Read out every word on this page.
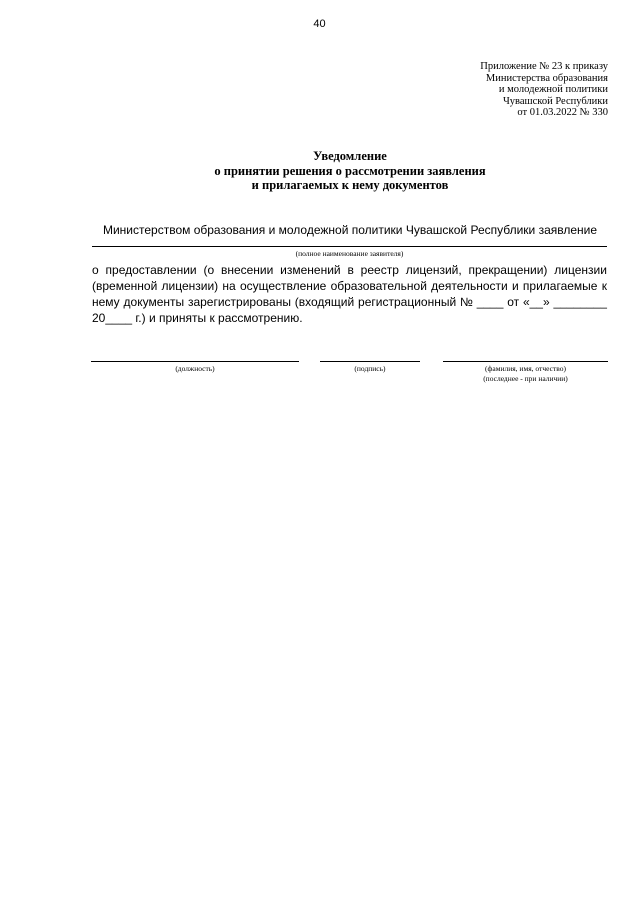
40
Приложение № 23 к приказу
Министерства образования
и молодежной политики
Чувашской Республики
от 01.03.2022 № 330
Уведомление
о принятии решения о рассмотрении заявления
и прилагаемых к нему документов
Министерством образования и молодежной политики Чувашской Республики заявление
(полное наименование заявителя)
о предоставлении (о внесении изменений в реестр лицензий, прекращении) лицензии
(временной лицензии) на осуществление образовательной деятельности и прилагаемые к
нему документы зарегистрированы (входящий регистрационный № ____ от «__» ________
20____ г.) и приняты к рассмотрению.
(должность)	(подпись)	(фамилия, имя, отчество)
(последнее - при наличии)
